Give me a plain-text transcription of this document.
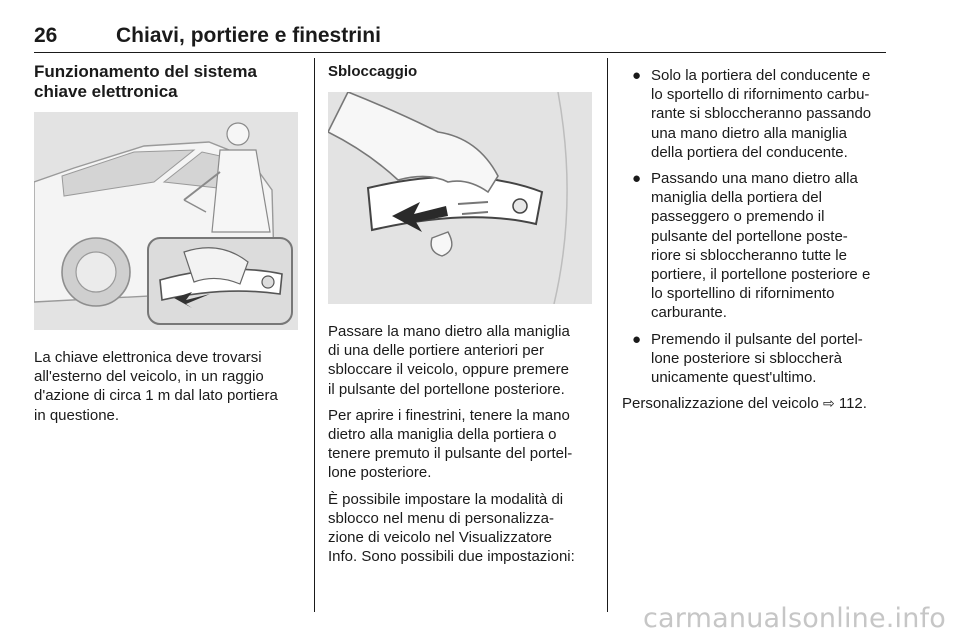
26	Chiavi, portiere e finestrini
Funzionamento del sistema
chiave elettronica
La chiave elettronica deve trovarsi
all'esterno del veicolo, in un raggio
d'azione di circa 1 m dal lato portiera
in questione.
Sbloccaggio
Passare la mano dietro alla maniglia
di una delle portiere anteriori per
sbloccare il veicolo, oppure premere
il pulsante del portellone posteriore.
Per aprire i finestrini, tenere la mano
dietro alla maniglia della portiera o
tenere premuto il pulsante del portel-
lone posteriore.
È possibile impostare la modalità di
sblocco nel menu di personalizza-
zione di veicolo nel Visualizzatore
Info. Sono possibili due impostazioni:
● Solo la portiera del conducente e
lo sportello di rifornimento carbu-
rante si sbloccheranno passando
una mano dietro alla maniglia
della portiera del conducente.
● Passando una mano dietro alla
maniglia della portiera del
passeggero o premendo il
pulsante del portellone poste-
riore si sbloccheranno tutte le
portiere, il portellone posteriore e
lo sportellino di rifornimento
carburante.
● Premendo il pulsante del portel-
lone posteriore si sbloccherà
unicamente quest'ultimo.
Personalizzazione del veicolo ⇨ 112.
carmanualsonline.info
